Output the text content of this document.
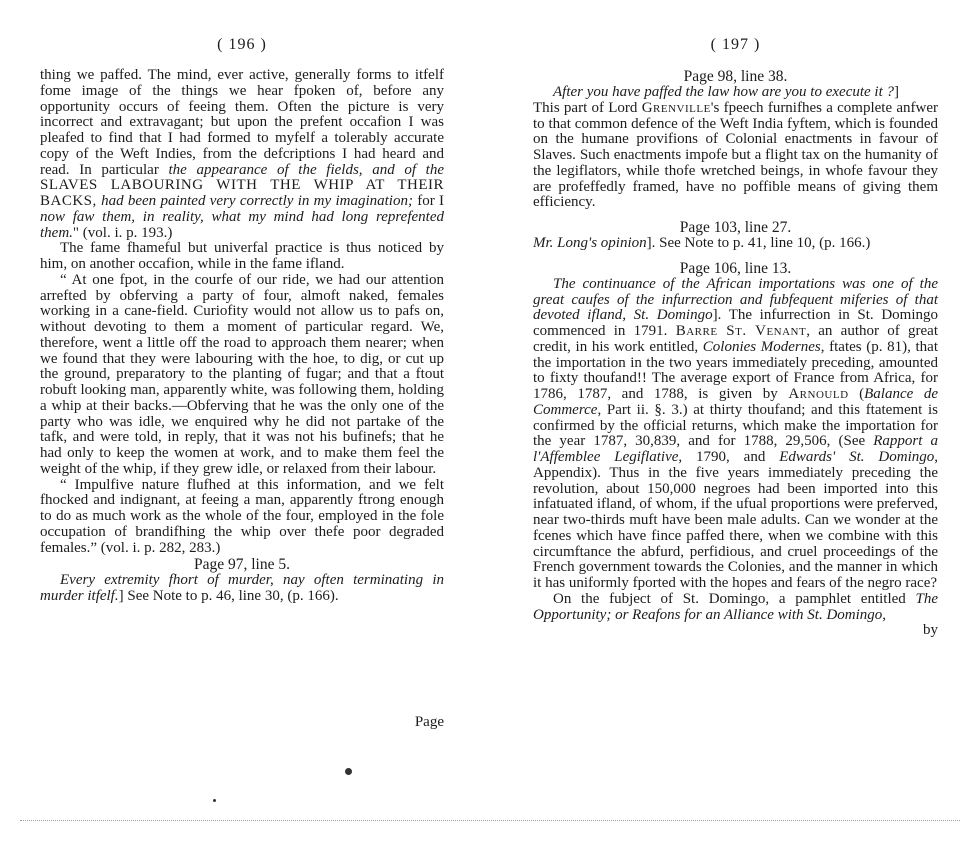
( 196 )

thing we paffed. The mind, ever active, generally forms to itfelf fome image of the things we hear fpoken of, before any opportunity occurs of feeing them. Often the picture is very incorrect and extravagant; but upon the prefent occafion I was pleafed to find that I had formed to myfelf a tolerably accurate copy of the Weft Indies, from the defcriptions I had heard and read. In particular the appearance of the fields, and of the SLAVES LABOURING WITH THE WHIP AT THEIR BACKS, had been painted very correctly in my imagination; for I now faw them, in reality, what my mind had long reprefented them." (vol. i. p. 193.)

The fame fhameful but univerfal practice is thus noticed by him, on another occafion, while in the fame ifland.

“ At one fpot, in the courfe of our ride, we had our attention arrefted by obferving a party of four, almoft naked, females working in a cane-field. Curiofity would not allow us to pafs on, without devoting to them a moment of particular regard. We, therefore, went a little off the road to approach them nearer; when we found that they were labouring with the hoe, to dig, or cut up the ground, preparatory to the planting of fugar; and that a ftout robuft looking man, apparently white, was following them, holding a whip at their backs.—Obferving that he was the only one of the party who was idle, we enquired why he did not partake of the tafk, and were told, in reply, that it was not his bufinefs; that he had only to keep the women at work, and to make them feel the weight of the whip, if they grew idle, or relaxed from their labour.

“ Impulfive nature flufhed at this information, and we felt fhocked and indignant, at feeing a man, apparently ftrong enough to do as much work as the whole of the four, employed in the fole occupation of brandifhing the whip over thefe poor degraded females.” (vol. i. p. 282, 283.)

Page 97, line 5.

Every extremity fhort of murder, nay often terminating in murder itfelf.] See Note to p. 46, line 30, (p. 166).

Page
( 197 )

Page 98, line 38.

After you have paffed the law how are you to execute it ?]

This part of Lord Grenville's fpeech furnifhes a complete anfwer to that common defence of the Weft India fyftem, which is founded on the humane provifions of Colonial enactments in favour of Slaves. Such enactments impofe but a flight tax on the humanity of the legiflators, while thofe wretched beings, in whofe favour they are profeffedly framed, have no poffible means of giving them efficiency.

Page 103, line 27.

Mr. Long's opinion]. See Note to p. 41, line 10, (p. 166.)

Page 106, line 13.

The continuance of the African importations was one of the great caufes of the infurrection and fubfequent miferies of that devoted ifland, St. Domingo]. The infurrection in St. Domingo commenced in 1791. Barre St. Venant, an author of great credit, in his work entitled, Colonies Modernes, ftates (p. 81), that the importation in the two years immediately preceding, amounted to fixty thoufand!! The average export of France from Africa, for 1786, 1787, and 1788, is given by Arnould (Balance de Commerce, Part ii. §. 3.) at thirty thoufand; and this ftatement is confirmed by the official returns, which make the importation for the year 1787, 30,839, and for 1788, 29,506, (See Rapport a l'Affemblee Legiflative, 1790, and Edwards' St. Domingo, Appendix). Thus in the five years immediately preceding the revolution, about 150,000 negroes had been imported into this infatuated ifland, of whom, if the ufual proportions were preferved, near two-thirds muft have been male adults. Can we wonder at the fcenes which have fince paffed there, when we combine with this circumftance the abfurd, perfidious, and cruel proceedings of the French government towards the Colonies, and the manner in which it has uniformly fported with the hopes and fears of the negro race?

On the fubject of St. Domingo, a pamphlet entitled The Opportunity; or Reafons for an Alliance with St. Domingo,

by
